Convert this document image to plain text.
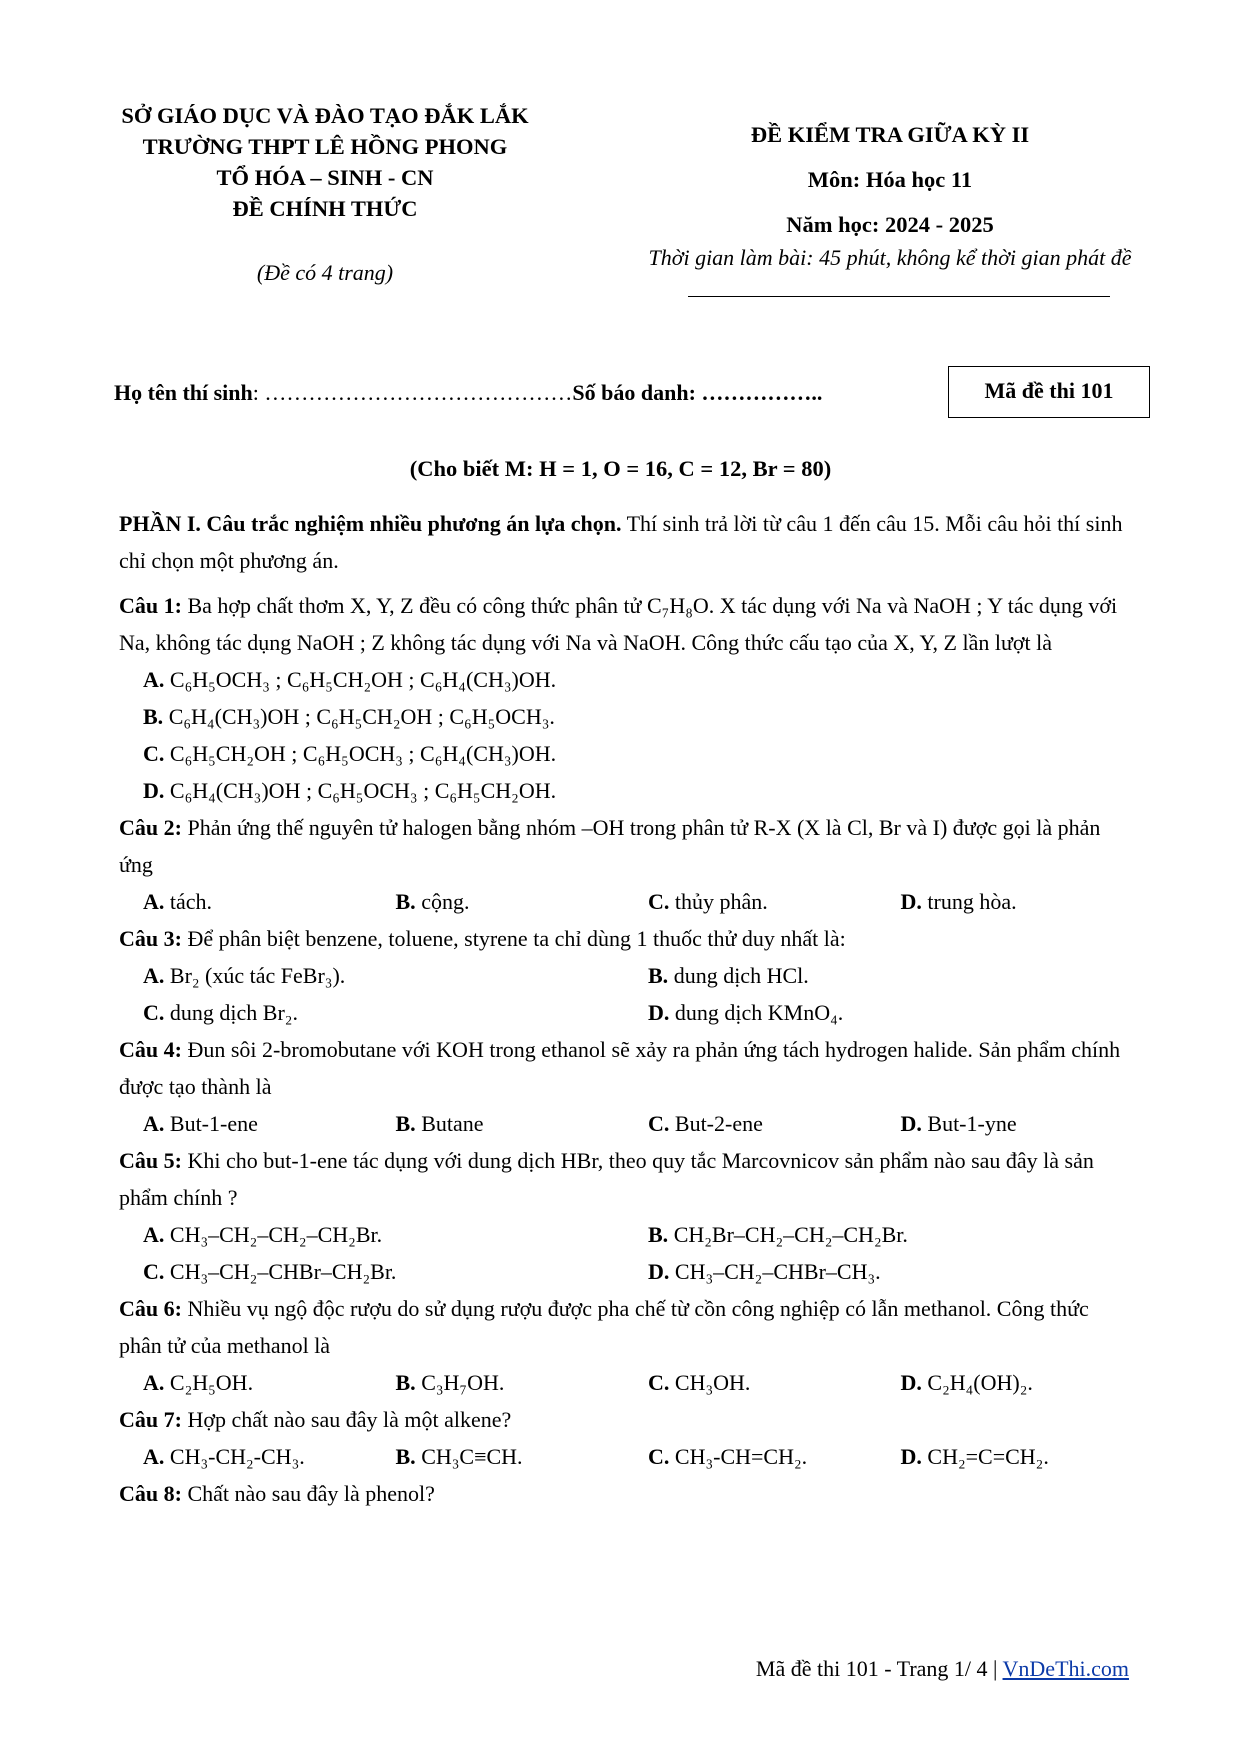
SỞ GIÁO DỤC VÀ ĐÀO TẠO ĐẮK LẮK
TRƯỜNG THPT LÊ HỒNG PHONG
TỔ HÓA – SINH - CN
ĐỀ CHÍNH THỨC
(Đề có 4 trang)
ĐỀ KIỂM TRA GIỮA KỲ II
Môn: Hóa học 11
Năm học: 2024 - 2025
Thời gian làm bài: 45 phút, không kể thời gian phát đề
Họ tên thí sinh: ……………………………………Số báo danh: ……………..	Mã đề thi 101
(Cho biết M: H = 1, O = 16, C = 12, Br = 80)

PHẦN I. Câu trắc nghiệm nhiều phương án lựa chọn. Thí sinh trả lời từ câu 1 đến câu 15. Mỗi câu hỏi thí sinh chỉ chọn một phương án.

Câu 1: Ba hợp chất thơm X, Y, Z đều có công thức phân tử C₇H₈O. X tác dụng với Na và NaOH ; Y tác dụng với Na, không tác dụng NaOH ; Z không tác dụng với Na và NaOH. Công thức cấu tạo của X, Y, Z lần lượt là

A. C₆H₅OCH₃ ; C₆H₅CH₂OH ; C₆H₄(CH₃)OH.
B. C₆H₄(CH₃)OH ; C₆H₅CH₂OH ; C₆H₅OCH₃.
C. C₆H₅CH₂OH ; C₆H₅OCH₃ ; C₆H₄(CH₃)OH.
D. C₆H₄(CH₃)OH ; C₆H₅OCH₃ ; C₆H₅CH₂OH.

Câu 2: Phản ứng thế nguyên tử halogen bằng nhóm –OH trong phân tử R-X (X là Cl, Br và I) được gọi là phản ứng

A. tách.	B. cộng.	C. thủy phân.	D. trung hòa.

Câu 3: Để phân biệt benzene, toluene, styrene ta chỉ dùng 1 thuốc thử duy nhất là:

A. Br₂ (xúc tác FeBr₃).	B. dung dịch HCl.
C. dung dịch Br₂.	D. dung dịch KMnO₄.

Câu 4: Đun sôi 2-bromobutane với KOH trong ethanol sẽ xảy ra phản ứng tách hydrogen halide. Sản phẩm chính được tạo thành là

A. But-1-ene	B. Butane	C. But-2-ene	D. But-1-yne

Câu 5: Khi cho but-1-ene tác dụng với dung dịch HBr, theo quy tắc Marcovnicov sản phẩm nào sau đây là sản phẩm chính ?

A. CH₃–CH₂–CH₂–CH₂Br.	B. CH₂Br–CH₂–CH₂–CH₂Br.
C. CH₃–CH₂–CHBr–CH₂Br.	D. CH₃–CH₂–CHBr–CH₃.

Câu 6: Nhiều vụ ngộ độc rượu do sử dụng rượu được pha chế từ cồn công nghiệp có lẫn methanol. Công thức phân tử của methanol là

A. C₂H₅OH.	B. C₃H₇OH.	C. CH₃OH.	D. C₂H₄(OH)₂.

Câu 7: Hợp chất nào sau đây là một alkene?

A. CH₃-CH₂-CH₃.	B. CH₃C≡CH.	C. CH₃-CH=CH₂.	D. CH₂=C=CH₂.

Câu 8: Chất nào sau đây là phenol?

Mã đề thi 101 - Trang 1/ 4 | VnDeThi.com
